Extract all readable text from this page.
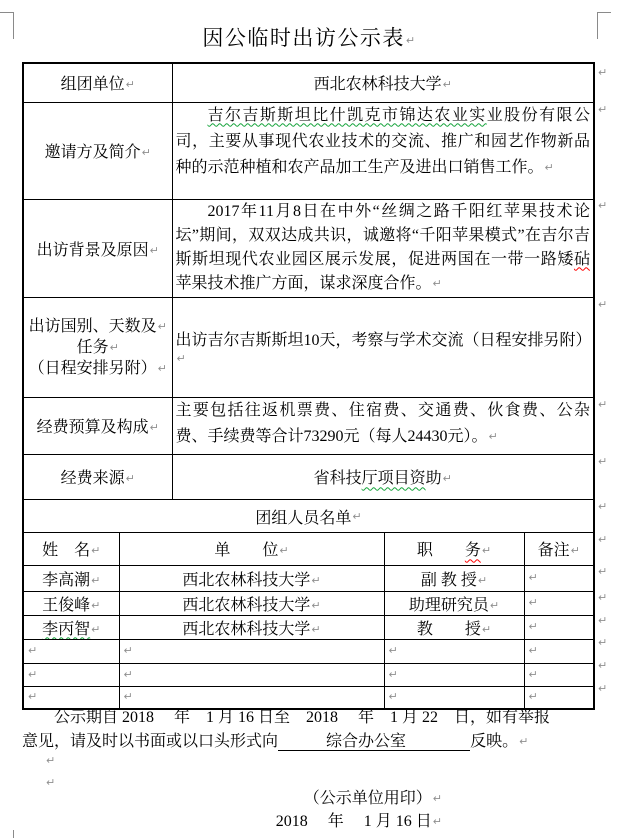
因公临时出访公示表↵
组团单位↵	西北农林科技大学↵
邀请方及简介↵	吉尔吉斯斯坦比什凯克市锦达农业实业股份有限公司，主要从事现代农业技术的交流、推广和园艺作物新品种的示范种植和农产品加工生产及进出口销售工作。↵

出访背景及原因↵	2017年11月8日在中外“丝绸之路千阳红苹果技术论坛”期间，双双达成共识，诚邀将“千阳苹果模式”在吉尔吉斯斯坦现代农业园区展示发展，促进两国在一带一路矮砧苹果技术推广方面，谋求深度合作。↵

出访国别、天数及↵
任务↵
（日程安排另附）↵	出访吉尔吉斯斯坦10天，考察与学术交流（日程安排另附）↵
经费预算及构成↵	主要包括往返机票费、住宿费、交通费、伙食费、公杂费、手续费等合计73290元（每人24430元）。↵

经费来源↵	省科技厅项目资助↵
团组人员名单 ↵
姓　名↵	单　　位↵	职　　务↵	备注↵
李高潮↵	西北农林科技大学↵	副 教 授↵	↵
王俊峰↵	西北农林科技大学↵	助理研究员↵	↵
李丙智↵	西北农林科技大学↵	教　　授↵	↵
↵	↵	↵	↵
↵	↵	↵	↵
↵	↵	↵	↵
↵
↵
↵
↵
↵
↵
↵
↵
↵
↵
↵
↵
↵
↵

公示期自 2018　 年　1 月 16 日至　2018　 年　1 月 22　日，如有举报
意见，请及时以书面或以口头形式向　　　	综合办公室　　　　	反映。↵

↵
↵
（公示单位用印）↵
2018　 年　 1 月 16 日↵
